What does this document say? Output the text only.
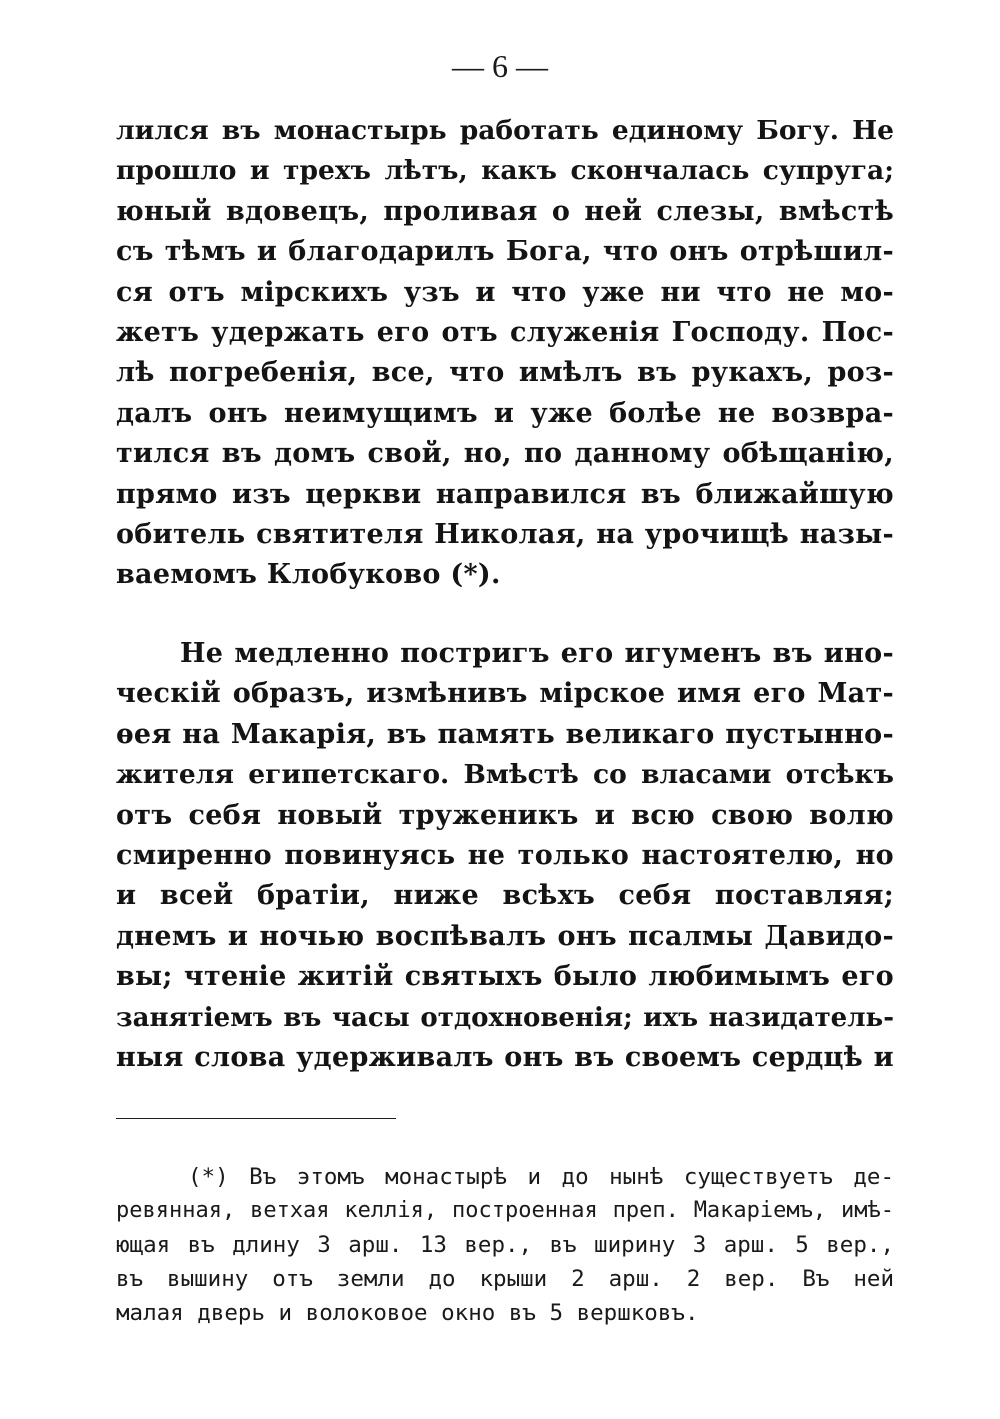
— 6 —
лился въ монастырь работать единому Богу. Не
прошло и трехъ лѣтъ, какъ скончалась супруга;
юный вдовецъ, проливая о ней слезы, вмѣстѣ
съ тѣмъ и благодарилъ Бога, что онъ отрѣшил-
ся отъ мірскихъ узъ и что уже ни что не мо-
жетъ удержать его отъ служенія Господу. Пос-
лѣ погребенія, все, что имѣлъ въ рукахъ, роз-
далъ онъ неимущимъ и уже болѣе не возвра-
тился въ домъ свой, но, по данному обѣщанію,
прямо изъ церкви направился въ ближайшую
обитель святителя Николая, на урочищѣ назы-
ваемомъ Клобуково (*).
Не медленно постригъ его игуменъ въ ино-
ческій образъ, измѣнивъ мірское имя его Мат-
ѳея на Макарія, въ память великаго пустынно-
жителя египетскаго. Вмѣстѣ со власами отсѣкъ
отъ себя новый труженикъ и всю свою волю
смиренно повинуясь не только настоятелю, но
и всей братіи, ниже всѣхъ себя поставляя;
днемъ и ночью воспѣвалъ онъ псалмы Давидо-
вы; чтеніе житій святыхъ было любимымъ его
занятіемъ въ часы отдохновенія; ихъ назидатель-
ныя слова удерживалъ онъ въ своемъ сердцѣ и
(*) Въ этомъ монастырѣ и до нынѣ существуетъ де-
ревянная, ветхая келлія, построенная преп. Макаріемъ, имѣ-
ющая въ длину 3 арш. 13 вер., въ ширину 3 арш. 5 вер.,
въ вышину отъ земли до крыши 2 арш. 2 вер. Въ ней
малая дверь и волоковое окно въ 5 вершковъ.
